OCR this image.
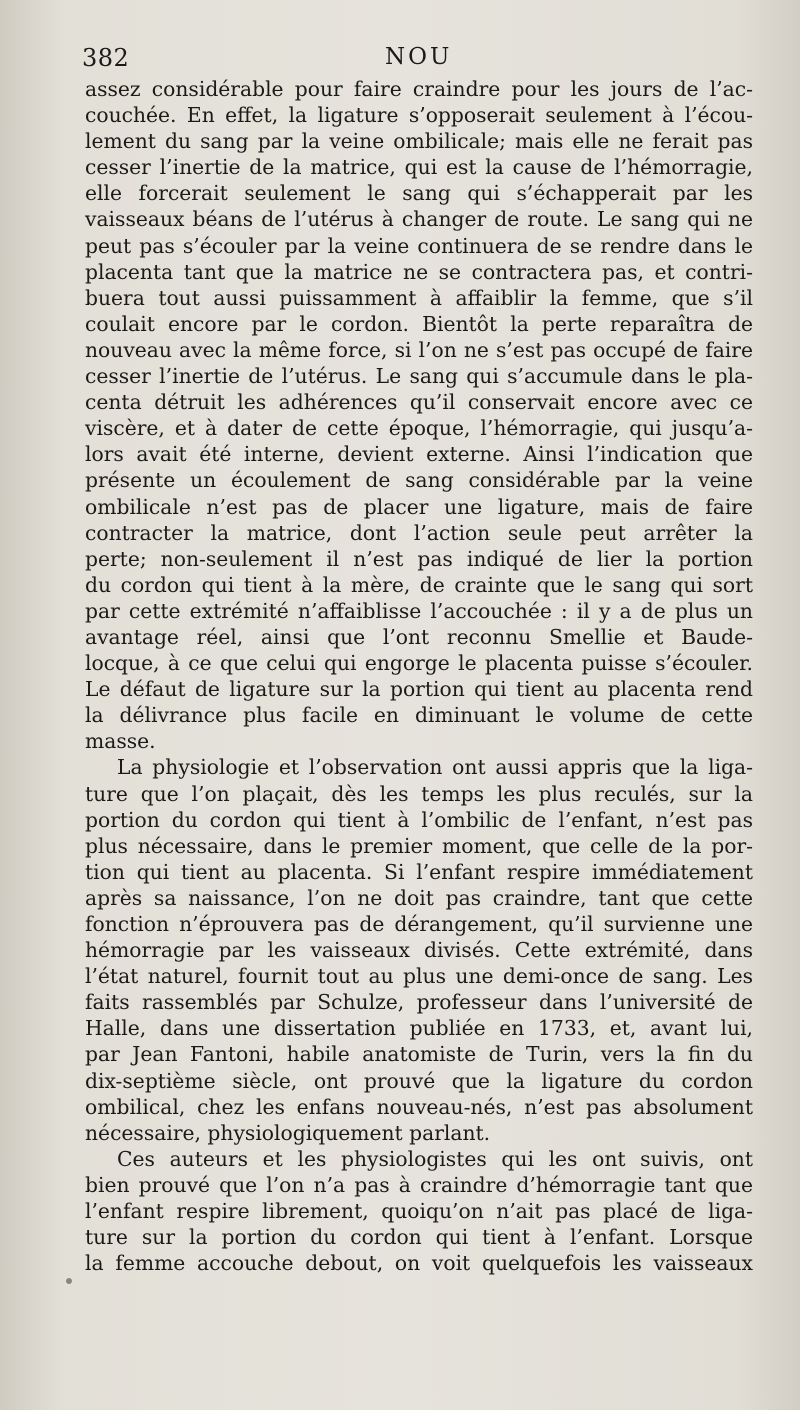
382	NOU
assez considérable pour faire craindre pour les jours de l’ac-
couchée. En effet, la ligature s’opposerait seulement à l’écou-
lement du sang par la veine ombilicale; mais elle ne ferait pas
cesser l’inertie de la matrice, qui est la cause de l’hémorragie,
elle forcerait seulement le sang qui s’échapperait par les
vaisseaux béans de l’utérus à changer de route. Le sang qui ne
peut pas s’écouler par la veine continuera de se rendre dans le
placenta tant que la matrice ne se contractera pas, et contri-
buera tout aussi puissamment à affaiblir la femme, que s’il
coulait encore par le cordon. Bientôt la perte reparaîtra de
nouveau avec la même force, si l’on ne s’est pas occupé de faire
cesser l’inertie de l’utérus. Le sang qui s’accumule dans le pla-
centa détruit les adhérences qu’il conservait encore avec ce
viscère, et à dater de cette époque, l’hémorragie, qui jusqu’a-
lors avait été interne, devient externe. Ainsi l’indication que
présente un écoulement de sang considérable par la veine
ombilicale n’est pas de placer une ligature, mais de faire
contracter la matrice, dont l’action seule peut arrêter la
perte; non-seulement il n’est pas indiqué de lier la portion
du cordon qui tient à la mère, de crainte que le sang qui sort
par cette extrémité n’affaiblisse l’accouchée : il y a de plus un
avantage réel, ainsi que l’ont reconnu Smellie et Baude-
locque, à ce que celui qui engorge le placenta puisse s’écouler.
Le défaut de ligature sur la portion qui tient au placenta rend
la délivrance plus facile en diminuant le volume de cette
masse.
La physiologie et l’observation ont aussi appris que la liga-
ture que l’on plaçait, dès les temps les plus reculés, sur la
portion du cordon qui tient à l’ombilic de l’enfant, n’est pas
plus nécessaire, dans le premier moment, que celle de la por-
tion qui tient au placenta. Si l’enfant respire immédiatement
après sa naissance, l’on ne doit pas craindre, tant que cette
fonction n’éprouvera pas de dérangement, qu’il survienne une
hémorragie par les vaisseaux divisés. Cette extrémité, dans
l’état naturel, fournit tout au plus une demi-once de sang. Les
faits rassemblés par Schulze, professeur dans l’université de
Halle, dans une dissertation publiée en 1733, et, avant lui,
par Jean Fantoni, habile anatomiste de Turin, vers la fin du
dix-septième siècle, ont prouvé que la ligature du cordon
ombilical, chez les enfans nouveau-nés, n’est pas absolument
nécessaire, physiologiquement parlant.
Ces auteurs et les physiologistes qui les ont suivis, ont
bien prouvé que l’on n’a pas à craindre d’hémorragie tant que
l’enfant respire librement, quoiqu’on n’ait pas placé de liga-
ture sur la portion du cordon qui tient à l’enfant. Lorsque
la femme accouche debout, on voit quelquefois les vaisseaux
